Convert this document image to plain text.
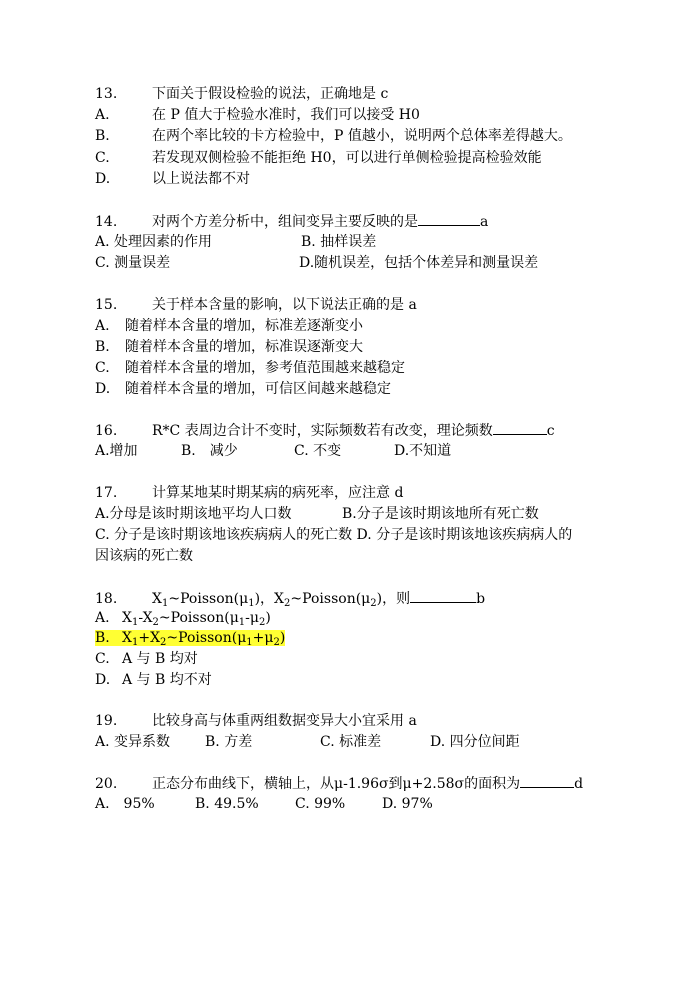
13. 下面关于假设检验的说法，正确地是 c
A.	在 P 值大于检验水准时，我们可以接受 H0
B.	在两个率比较的卡方检验中，P 值越小，说明两个总体率差得越大。
C.	若发现双侧检验不能拒绝 H0，可以进行单侧检验提高检验效能
D.	以上说法都不对
14. 对两个方差分析中，组间变异主要反映的是	a
A. 处理因素的作用	B. 抽样误差
C. 测量误差	D.随机误差，包括个体差异和测量误差
15. 关于样本含量的影响，以下说法正确的是 a
A. 随着样本含量的增加，标准差逐渐变小
B. 随着样本含量的增加，标准误逐渐变大
C. 随着样本含量的增加，参考值范围越来越稳定
D. 随着样本含量的增加，可信区间越来越稳定
16. R*C 表周边合计不变时，实际频数若有改变，理论频数	c
A.增加	B.　减少	C. 不变	D.不知道
17. 计算某地某时期某病的病死率，应注意 d
A.分母是该时期该地平均人口数	B.分子是该时期该地所有死亡数
C. 分子是该时期该地该疾病病人的死亡数 D. 分子是该时期该地该疾病病人的
因该病的死亡数
18. $X_1\sim Poisson(\mu_1)$，$X_2\sim Poisson(\mu_2)$，则	b
A. $X_1-X_2\sim Poisson(\mu_1-\mu_2)$
B. $X_1+X_2\sim Poisson(\mu_1+\mu_2)$
C. A 与 B 均对
D. A 与 B 均不对
19. 比较身高与体重两组数据变异大小宜采用 a
A. 变异系数 B. 方差	C. 标准差	D. 四分位间距
20. 正态分布曲线下，横轴上，从μ-1.96σ到μ+2.58σ的面积为	d
A.　95%	B. 49.5%	C. 99%	D. 97%
